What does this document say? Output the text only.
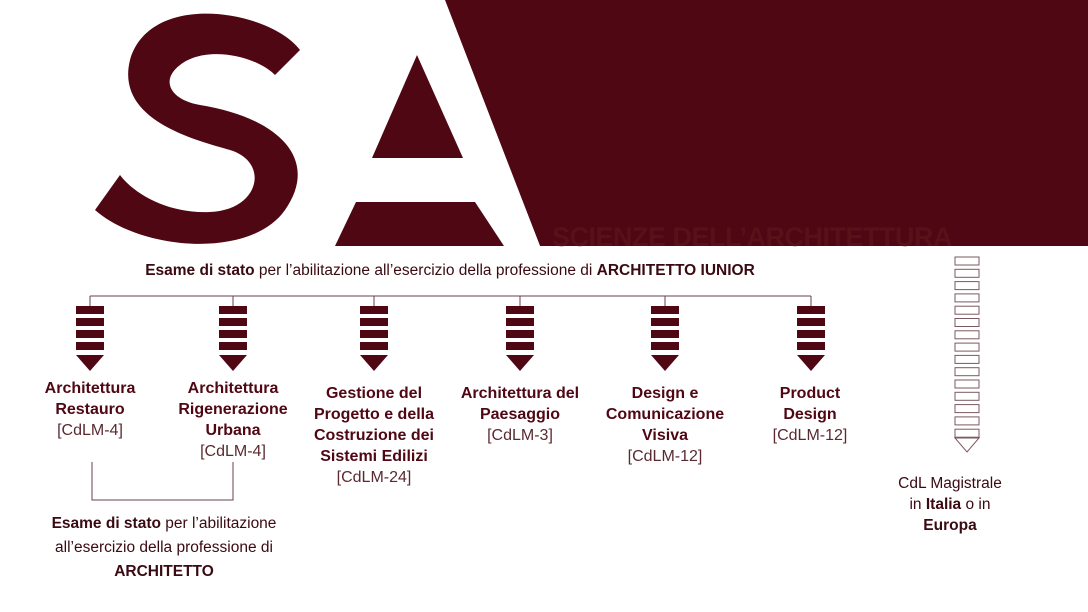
SCIENZE DELL’ARCHITETTURA
Esame di stato per l’abilitazione all’esercizio della professione di ARCHITETTO IUNIOR
Architettura Restauro
[CdLM-4]
Architettura Rigenerazione Urbana
[CdLM-4]
Gestione del Progetto e della Costruzione dei Sistemi Edilizi
[CdLM-24]
Architettura del Paesaggio
[CdLM-3]
Design e Comunicazione Visiva
[CdLM-12]
Product Design
[CdLM-12]
Esame di stato per l’abilitazione all’esercizio della professione di
ARCHITETTO
CdL Magistrale
in Italia o in
Europa
